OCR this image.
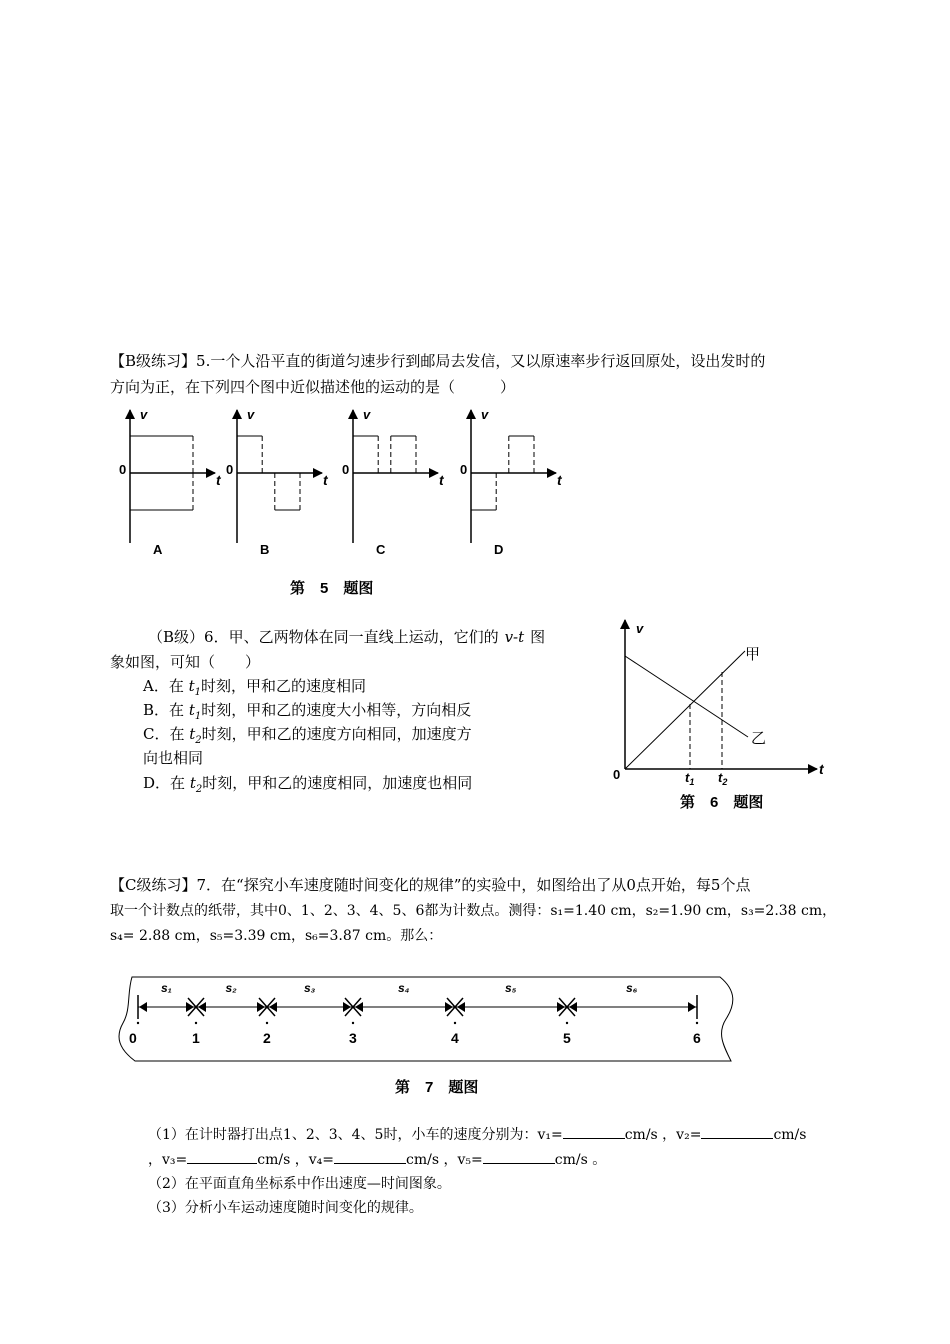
【B级练习】5.一个人沿平直的街道匀速步行到邮局去发信，又以原速率步行返回原处，设出发时的
方向为正，在下列四个图中近似描述他的运动的是（　　　）
v
t
0
A
v
t
0
B
v
t
0
C
v
t
0
D
第　5　题图
（B级）6．甲、乙两物体在同一直线上运动，它们的 v-t 图
象如图，可知（　　）
A．在 $t_1$时刻，甲和乙的速度相同
B．在 $t_1$时刻，甲和乙的速度大小相等，方向相反
C．在 $t_2$时刻，甲和乙的速度方向相同，加速度方
向也相同
D．在 $t_2$时刻，甲和乙的速度相同，加速度也相同
v
t
0
甲
乙
$t_1$ $t_2$
第　6　题图
【C级练习】7．在“探究小车速度随时间变化的规律”的实验中，如图给出了从0点开始，每5个点
取一个计数点的纸带，其中0、1、2、3、4、5、6都为计数点。测得：s₁=1.40 cm，s₂=1.90 cm，s₃=2.38 cm，
s₄= 2.88 cm，s₅=3.39 cm，s₆=3.87 cm。那么：
0	1	2	3	4	5	6
s₁	s₂	s₃	s₄	s₅	s₆
第　7　题图
（1）在计时器打出点1、2、3、4、5时，小车的速度分别为：v₁=	cm/s ，v₂=	cm/s
，v₃=	cm/s ，v₄=	cm/s ，v₅=	cm/s 。
（2）在平面直角坐标系中作出速度—时间图象。
（3）分析小车运动速度随时间变化的规律。
